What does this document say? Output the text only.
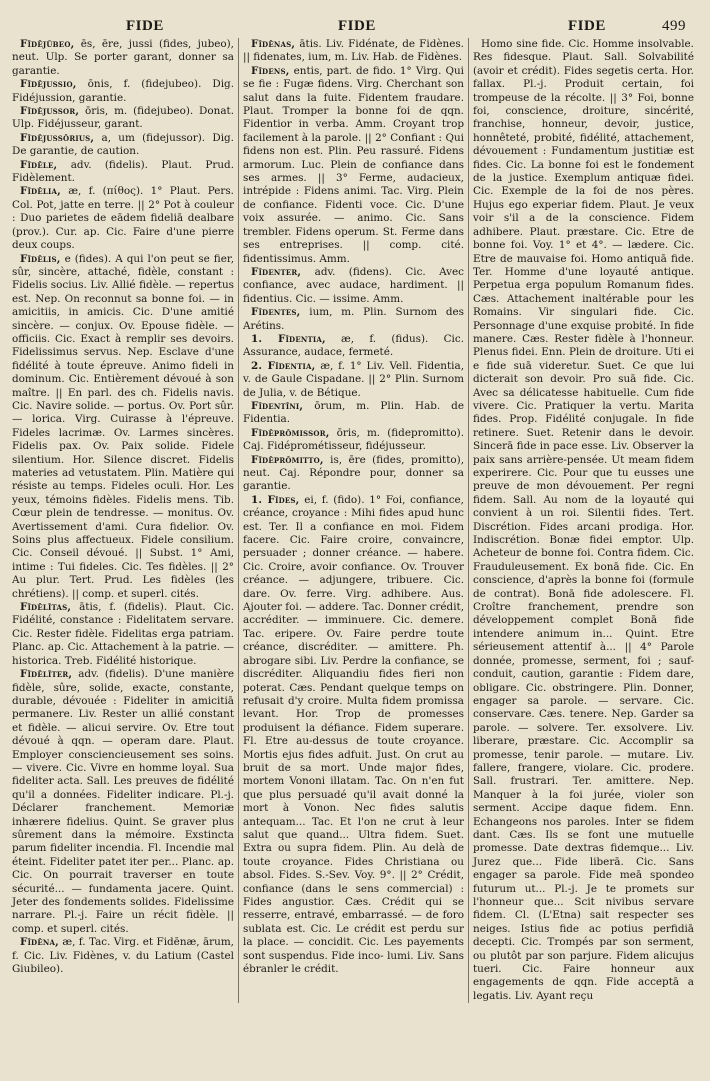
FIDE	FIDE	FIDE	499

Fĭdējŭbeo, ēs, ēre, jussi (fides, jubeo), neut. Ulp. Se porter garant, donner sa garantie.

Fĭdējussio, ōnis, f. (fidejubeo). Dig. Fidéjussion, garantie.

Fĭdējussor, ōris, m. (fidejubeo). Donat. Ulp. Fidéjusseur, garant.

Fĭdējussōrius, a, um (fidejussor). Dig. De garantie, de caution.

Fĭdēle, adv. (fidelis). Plaut. Prud. Fidèlement.

Fĭdēlia, æ, f. (πίθος). 1° Plaut. Pers. Col. Pot, jatte en terre. || 2° Pot à couleur : Duo parietes de eādem fideliā dealbare (prov.). Cur. ap. Cic. Faire d'une pierre deux coups.

Fĭdēlis, e (fides). A qui l'on peut se fier, sûr, sincère, attaché, fidèle, constant : Fidelis socius. Liv. Allié fidèle. — repertus est. Nep. On reconnut sa bonne foi. — in amicitiis, in amicis. Cic. D'une amitié sincère. — conjux. Ov. Epouse fidèle. — officiis. Cic. Exact à remplir ses devoirs. Fidelissimus servus. Nep. Esclave d'une fidélité à toute épreuve. Animo fideli in dominum. Cic. Entièrement dévoué à son maître. || En parl. des ch. Fidelis navis. Cic. Navire solide. — portus. Ov. Port sûr. — lorica. Virg. Cuirasse à l'épreuve. Fideles lacrimæ. Ov. Larmes sincères. Fidelis pax. Ov. Paix solide. Fidele silentium. Hor. Silence discret. Fidelis materies ad vetustatem. Plin. Matière qui résiste au temps. Fideles oculi. Hor. Les yeux, témoins fidèles. Fidelis mens. Tib. Cœur plein de tendresse. — monitus. Ov. Avertissement d'ami. Cura fidelior. Ov. Soins plus affectueux. Fidele consilium. Cic. Conseil dévoué. || Subst. 1° Ami, intime : Tui fideles. Cic. Tes fidèles. || 2° Au plur. Tert. Prud. Les fidèles (les chrétiens). || comp. et superl. cités.

Fĭdēlĭtas, ātis, f. (fidelis). Plaut. Cic. Fidélité, constance : Fidelitatem servare. Cic. Rester fidèle. Fidelitas erga patriam. Planc. ap. Cic. Attachement à la patrie. — historica. Treb. Fidélité historique.

Fĭdēlĭter, adv. (fidelis). D'une manière fidèle, sûre, solide, exacte, constante, durable, dévouée : Fideliter in amicitiā permanere. Liv. Rester un allié constant et fidèle. — alicui servire. Ov. Etre tout dévoué à qqn. — operam dare. Plaut. Employer consciencieusement ses soins. — vivere. Cic. Vivre en homme loyal. Sua fideliter acta. Sall. Les preuves de fidélité qu'il a données. Fideliter indicare. Pl.-j. Déclarer franchement. Memoriæ inhærere fidelius. Quint. Se graver plus sûrement dans la mémoire. Exstincta parum fideliter incendia. Fl. Incendie mal éteint. Fideliter patet iter per... Planc. ap. Cic. On pourrait traverser en toute sécurité... — fundamenta jacere. Quint. Jeter des fondements solides. Fidelissime narrare. Pl.-j. Faire un récit fidèle. || comp. et superl. cités.

Fīdēna, æ, f. Tac. Virg. et Fidēnæ, ārum, f. Cic. Liv. Fidènes, v. du Latium (Castel Giubileo).

Fīdēnas, ātis. Liv. Fidénate, de Fidènes. || fidenates, ium, m. Liv. Hab. de Fidènes.

Fīdens, entis, part. de fido. 1° Virg. Qui se fie : Fugæ fidens. Virg. Cherchant son salut dans la fuite. Fidentem fraudare. Plaut. Tromper la bonne foi de qqn. Fidentior in verba. Amm. Croyant trop facilement à la parole. || 2° Confiant : Qui fidens non est. Plin. Peu rassuré. Fidens armorum. Luc. Plein de confiance dans ses armes. || 3° Ferme, audacieux, intrépide : Fidens animi. Tac. Virg. Plein de confiance. Fidenti voce. Cic. D'une voix assurée. — animo. Cic. Sans trembler. Fidens operum. St. Ferme dans ses entreprises. || comp. cité. fidentissimus. Amm.

Fīdenter, adv. (fidens). Cic. Avec confiance, avec audace, hardiment. || fidentius. Cic. — issime. Amm.

Fīdentes, ium, m. Plin. Surnom des Arétins.

1. Fīdentia, æ, f. (fidus). Cic. Assurance, audace, fermeté.

2. Fīdentia, æ, f. 1° Liv. Vell. Fidentia, v. de Gaule Cispadane. || 2° Plin. Surnom de Julia, v. de Bétique.

Fīdentīni, ōrum, m. Plin. Hab. de Fidentia.

Fĭdēprōmissor, ōris, m. (fidepromitto). Caj. Fidéprométisseur, fidéjusseur.

Fĭdēprōmitto, is, ēre (fides, promitto), neut. Caj. Répondre pour, donner sa garantie.

1. Fĭdes, ei, f. (fido). 1° Foi, confiance, créance, croyance : Mihi fides apud hunc est. Ter. Il a confiance en moi. Fidem facere. Cic. Faire croire, convaincre, persuader ; donner créance. — habere. Cic. Croire, avoir confiance. Ov. Trouver créance. — adjungere, tribuere. Cic. dare. Ov. ferre. Virg. adhibere. Aus. Ajouter foi. — addere. Tac. Donner crédit, accréditer. — imminuere. Cic. demere. Tac. eripere. Ov. Faire perdre toute créance, discréditer. — amittere. Ph. abrogare sibi. Liv. Perdre la confiance, se discréditer. Aliquandiu fides fieri non poterat. Cæs. Pendant quelque temps on refusait d'y croire. Multa fidem promissa levant. Hor. Trop de promesses produisent la défiance. Fidem superare. Fl. Etre au-dessus de toute croyance. Mortis ejus fides adfuit. Just. On crut au bruit de sa mort. Unde major fides, mortem Vononi illatam. Tac. On n'en fut que plus persuadé qu'il avait donné la mort à Vonon. Nec fides salutis antequam... Tac. Et l'on ne crut à leur salut que quand... Ultra fidem. Suet. Extra ou supra fidem. Plin. Au delà de toute croyance. Fides Christiana ou absol. Fides. S.-Sev. Voy. 9°. || 2° Crédit, confiance (dans le sens commercial) : Fides angustior. Cæs. Crédit qui se resserre, entravé, embarrassé. — de foro sublata est. Cic. Le crédit est perdu sur la place. — concidit. Cic. Les payements sont suspendus. Fide inco- lumi. Liv. Sans ébranler le crédit.

Homo sine fide. Cic. Homme insolvable. Res fidesque. Plaut. Sall. Solvabilité (avoir et crédit). Fides segetis certa. Hor. fallax. Pl.-j. Produit certain, foi trompeuse de la récolte. || 3° Foi, bonne foi, conscience, droiture, sincérité, franchise, honneur, devoir, justice, honnêteté, probité, fidélité, attachement, dévouement : Fundamentum justitiæ est fides. Cic. La bonne foi est le fondement de la justice. Exemplum antiquæ fidei. Cic. Exemple de la foi de nos pères. Hujus ego experiar fidem. Plaut. Je veux voir s'il a de la conscience. Fidem adhibere. Plaut. præstare. Cic. Etre de bonne foi. Voy. 1° et 4°. — lædere. Cic. Etre de mauvaise foi. Homo antiquā fide. Ter. Homme d'une loyauté antique. Perpetua erga populum Romanum fides. Cæs. Attachement inaltérable pour les Romains. Vir singulari fide. Cic. Personnage d'une exquise probité. In fide manere. Cæs. Rester fidèle à l'honneur. Plenus fidei. Enn. Plein de droiture. Uti ei e fide suā videretur. Suet. Ce que lui dicterait son devoir. Pro suā fide. Cic. Avec sa délicatesse habituelle. Cum fide vivere. Cic. Pratiquer la vertu. Marita fides. Prop. Fidélité conjugale. In fide retinere. Suet. Retenir dans le devoir. Sincerā fide in pace esse. Liv. Observer la paix sans arrière-pensée. Ut meam fidem experirere. Cic. Pour que tu eusses une preuve de mon dévouement. Per regni fidem. Sall. Au nom de la loyauté qui convient à un roi. Silentii fides. Tert. Discrétion. Fides arcani prodiga. Hor. Indiscrétion. Bonæ fidei emptor. Ulp. Acheteur de bonne foi. Contra fidem. Cic. Frauduleusement. Ex bonā fide. Cic. En conscience, d'après la bonne foi (formule de contrat). Bonā fide adolescere. Fl. Croître franchement, prendre son développement complet Bonā fide intendere animum in... Quint. Etre sérieusement attentif à... || 4° Parole donnée, promesse, serment, foi ; sauf-conduit, caution, garantie : Fidem dare, obligare. Cic. obstringere. Plin. Donner, engager sa parole. — servare. Cic. conservare. Cæs. tenere. Nep. Garder sa parole. — solvere. Ter. exsolvere. Liv. liberare, præstare. Cic. Accomplir sa promesse, tenir parole. — mutare. Liv. fallere, frangere, violare. Cic. prodere. Sall. frustrari. Ter. amittere. Nep. Manquer à la foi jurée, violer son serment. Accipe daque fidem. Enn. Echangeons nos paroles. Inter se fidem dant. Cæs. Ils se font une mutuelle promesse. Date dextras fidemque... Liv. Jurez que... Fide liberā. Cic. Sans engager sa parole. Fide meā spondeo futurum ut... Pl.-j. Je te promets sur l'honneur que... Scit nivibus servare fidem. Cl. (L'Etna) sait respecter ses neiges. Istius fide ac potius perfidiā decepti. Cic. Trompés par son serment, ou plutôt par son parjure. Fidem alicujus tueri. Cic. Faire honneur aux engagements de qqn. Fide acceptā a legatis. Liv. Ayant reçu
